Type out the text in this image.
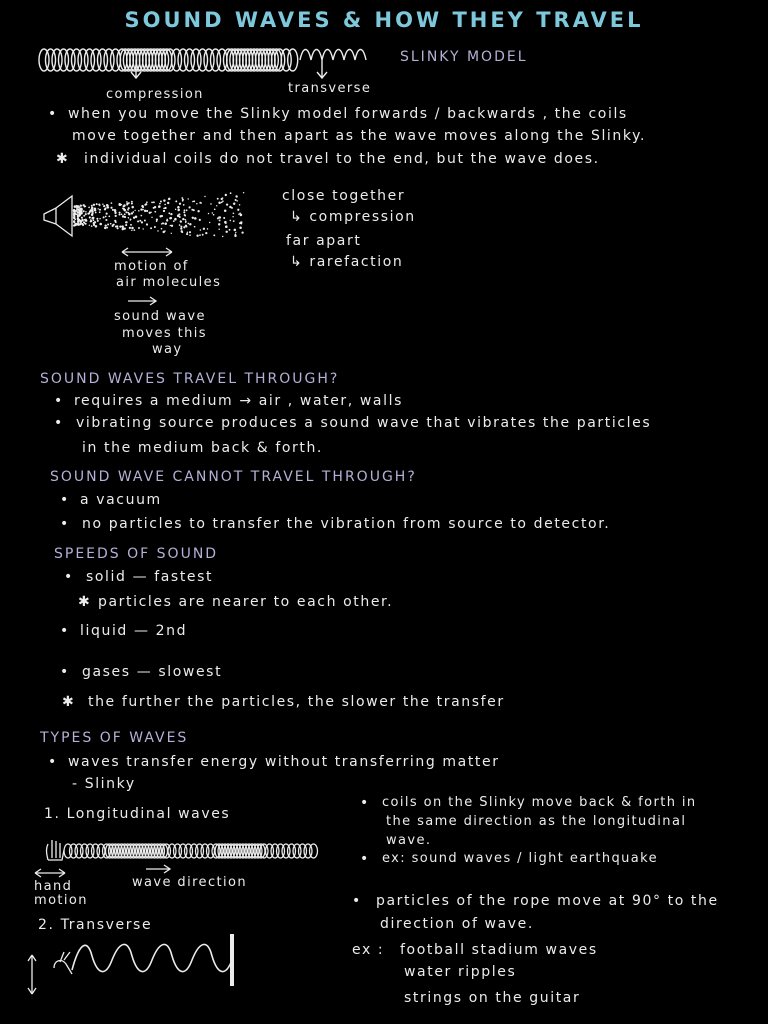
SOUND WAVES & HOW THEY TRAVEL
SLINKY MODEL
compression	transverse
• when you move the Slinky model forwards / backwards , the coils
move together and then apart as the wave moves along the Slinky.
✱ individual coils do not travel to the end, but the wave does.
motion of
air molecules
sound wave
moves this
way
close together
↳ compression
far apart
↳ rarefaction
SOUND WAVES TRAVEL THROUGH?
• requires a medium → air , water, walls
• vibrating source produces a sound wave that vibrates the particles
in the medium back & forth.
SOUND WAVE CANNOT TRAVEL THROUGH?
• a vacuum
• no particles to transfer the vibration from source to detector.
SPEEDS OF SOUND
• solid — fastest
✱ particles are nearer to each other.
• liquid — 2nd
• gases — slowest
✱ the further the particles, the slower the transfer
TYPES OF WAVES
• waves transfer energy without transferring matter
- Slinky
1. Longitudinal waves
• coils on the Slinky move back & forth in
the same direction as the longitudinal
wave.
• ex: sound waves / light earthquake
hand
motion
wave direction
2. Transverse
• particles of the rope move at 90° to the
direction of wave.
ex : football stadium waves
water ripples
strings on the guitar
